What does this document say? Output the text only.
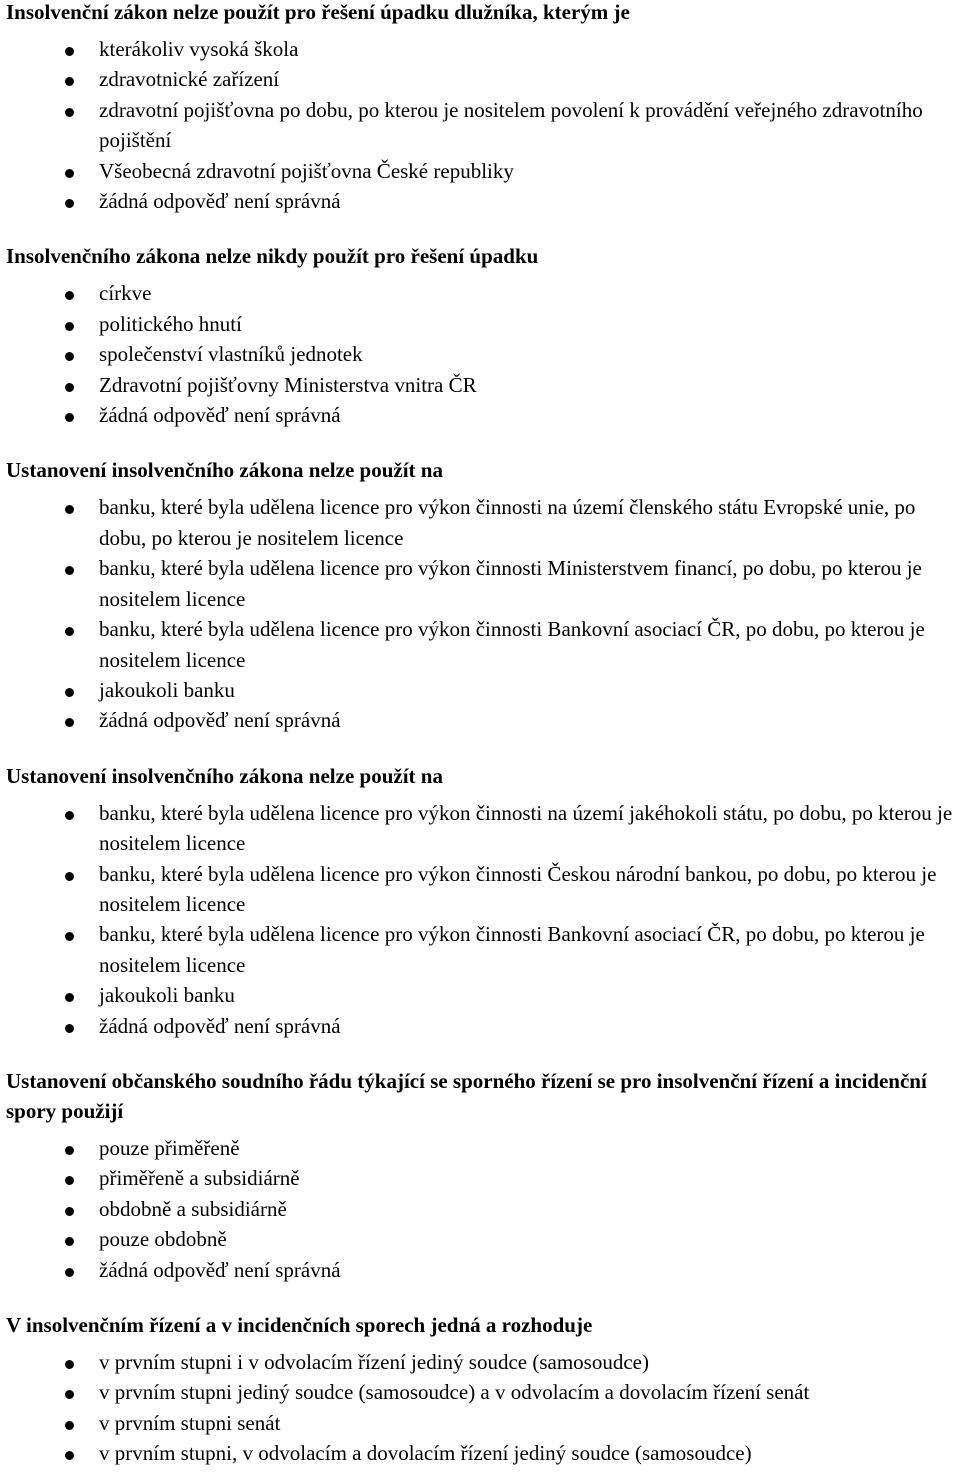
Insolvenční zákon nelze použít pro řešení úpadku dlužníka, kterým je

kterákoliv vysoká škola
zdravotnické zařízení
zdravotní pojišťovna po dobu, po kterou je nositelem povolení k provádění veřejného zdravotního pojištění
Všeobecná zdravotní pojišťovna České republiky
žádná odpověď není správná

Insolvenčního zákona nelze nikdy použít pro řešení úpadku

církve
politického hnutí
společenství vlastníků jednotek
Zdravotní pojišťovny Ministerstva vnitra ČR
žádná odpověď není správná

Ustanovení insolvenčního zákona nelze použít na

banku, které byla udělena licence pro výkon činnosti na území členského státu Evropské unie, po dobu, po kterou je nositelem licence
banku, které byla udělena licence pro výkon činnosti Ministerstvem financí, po dobu, po kterou je nositelem licence
banku, které byla udělena licence pro výkon činnosti Bankovní asociací ČR, po dobu, po kterou je nositelem licence
jakoukoli banku
žádná odpověď není správná

Ustanovení insolvenčního zákona nelze použít na

banku, které byla udělena licence pro výkon činnosti na území jakéhokoli státu, po dobu, po kterou je nositelem licence
banku, které byla udělena licence pro výkon činnosti Českou národní bankou, po dobu, po kterou je nositelem licence
banku, které byla udělena licence pro výkon činnosti Bankovní asociací ČR, po dobu, po kterou je nositelem licence
jakoukoli banku
žádná odpověď není správná

Ustanovení občanského soudního řádu týkající se sporného řízení se pro insolvenční řízení a incidenční spory použijí

pouze přiměřeně
přiměřeně a subsidiárně
obdobně a subsidiárně
pouze obdobně
žádná odpověď není správná

V insolvenčním řízení a v incidenčních sporech jedná a rozhoduje

v prvním stupni i v odvolacím řízení jediný soudce (samosoudce)
v prvním stupni jediný soudce (samosoudce) a v odvolacím a dovolacím řízení senát
v prvním stupni senát
v prvním stupni, v odvolacím a dovolacím řízení jediný soudce (samosoudce)
